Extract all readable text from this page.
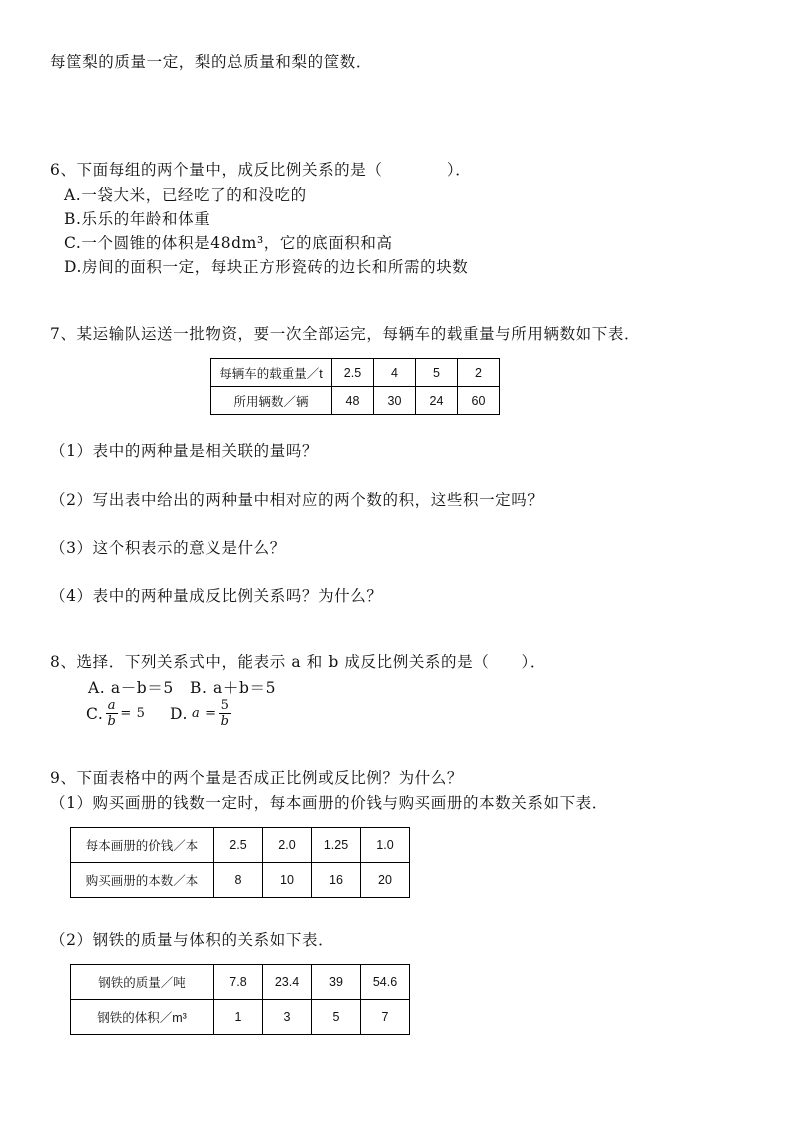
每筐梨的质量一定，梨的总质量和梨的筐数．
6、下面每组的两个量中，成反比例关系的是（　　　　）．
A.一袋大米，已经吃了的和没吃的
B.乐乐的年龄和体重
C.一个圆锥的体积是48dm³，它的底面积和高
D.房间的面积一定，每块正方形瓷砖的边长和所需的块数
7、某运输队运送一批物资，要一次全部运完，每辆车的载重量与所用辆数如下表．
每辆车的载重量／t	2.5	4	5	2
所用辆数／辆	48	30	24	60
（1）表中的两种量是相关联的量吗？
（2）写出表中给出的两种量中相对应的两个数的积，这些积一定吗？
（3）这个积表示的意义是什么？
（4）表中的两种量成反比例关系吗？为什么？
8、选择．下列关系式中，能表示 a 和 b 成反比例关系的是（　　）．
A. a－b＝5 B. a＋b＝5
C. $\frac{a}{b} = 5$ D. $a = \frac{5}{b}$
9、下面表格中的两个量是否成正比例或反比例？为什么？
（1）购买画册的钱数一定时，每本画册的价钱与购买画册的本数关系如下表．
每本画册的价钱／本	2.5	2.0	1.25	1.0
购买画册的本数／本	8	10	16	20
（2）钢铁的质量与体积的关系如下表．
钢铁的质量／吨	7.8	23.4	39	54.6
钢铁的体积／m³	1	3	5	7
